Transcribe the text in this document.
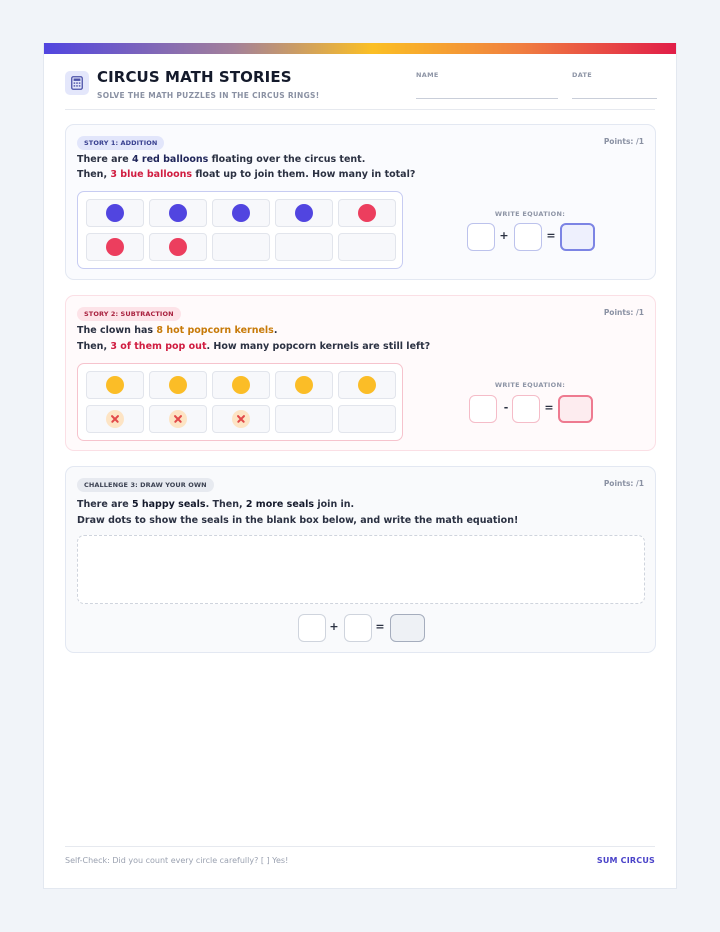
CIRCUS MATH STORIES
SOLVE THE MATH PUZZLES IN THE CIRCUS RINGS!
NAME	DATE
STORY 1: ADDITION	Points: /1
There are 4 red balloons floating over the circus tent.
Then, 3 blue balloons float up to join them. How many in total?
WRITE EQUATION:
+	=
STORY 2: SUBTRACTION	Points: /1
The clown has 8 hot popcorn kernels.
Then, 3 of them pop out. How many popcorn kernels are still left?
WRITE EQUATION:
-	=
CHALLENGE 3: DRAW YOUR OWN	Points: /1
There are 5 happy seals. Then, 2 more seals join in.
Draw dots to show the seals in the blank box below, and write the math equation!
+	=
Self-Check: Did you count every circle carefully? [ ] Yes!	SUM CIRCUS
